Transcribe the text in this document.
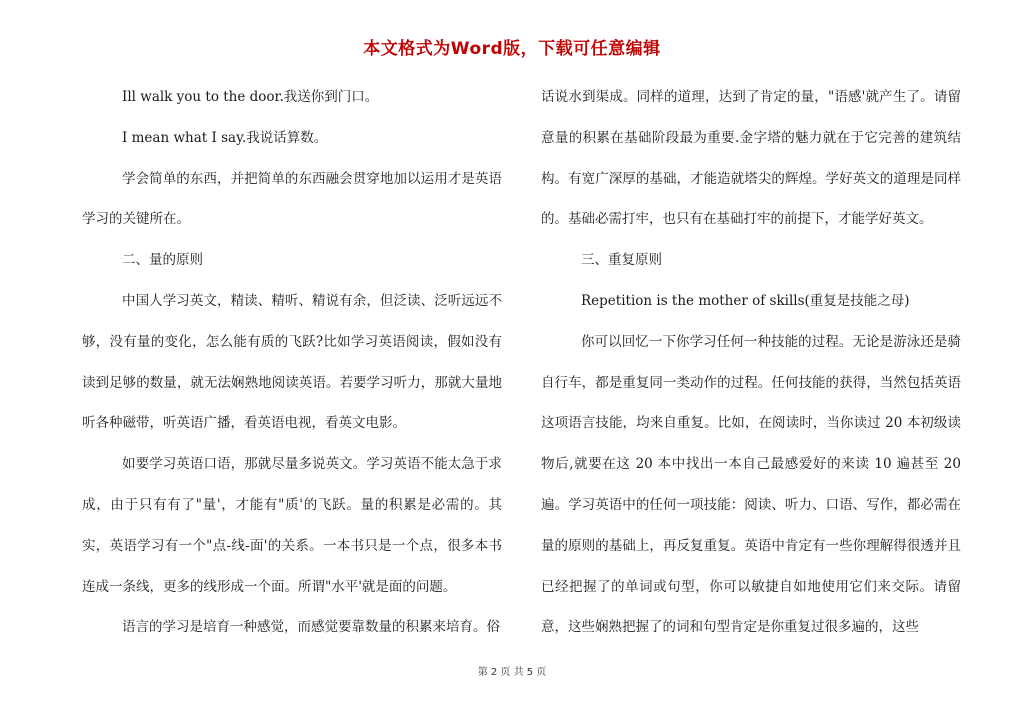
本文格式为Word版，下载可任意编辑

Ill walk you to the door.我送你到门口。

I mean what I say.我说话算数。

学会简单的东西，并把简单的东西融会贯穿地加以运用才是英语学习的关键所在。

二、量的原则

中国人学习英文，精读、精听、精说有余，但泛读、泛听远远不够，没有量的变化，怎么能有质的飞跃?比如学习英语阅读，假如没有读到足够的数量，就无法娴熟地阅读英语。若要学习听力，那就大量地听各种磁带，听英语广播，看英语电视，看英文电影。

如要学习英语口语，那就尽量多说英文。学习英语不能太急于求成，由于只有有了"量'，才能有"质'的飞跃。量的积累是必需的。其实，英语学习有一个"点-线-面'的关系。一本书只是一个点，很多本书连成一条线，更多的线形成一个面。所谓"水平'就是面的问题。

语言的学习是培育一种感觉，而感觉要靠数量的积累来培育。俗

话说水到渠成。同样的道理，达到了肯定的量，"语感'就产生了。请留意量的积累在基础阶段最为重要.金字塔的魅力就在于它完善的建筑结构。有宽广深厚的基础，才能造就塔尖的辉煌。学好英文的道理是同样的。基础必需打牢，也只有在基础打牢的前提下，才能学好英文。

三、重复原则

Repetition is the mother of skills(重复是技能之母)

你可以回忆一下你学习任何一种技能的过程。无论是游泳还是骑自行车，都是重复同一类动作的过程。任何技能的获得，当然包括英语这项语言技能，均来自重复。比如，在阅读时，当你读过 20 本初级读物后,就要在这 20 本中找出一本自己最感爱好的来读 10 遍甚至 20 遍。学习英语中的任何一项技能：阅读、听力、口语、写作，都必需在量的原则的基础上，再反复重复。英语中肯定有一些你理解得很透并且已经把握了的单词或句型，你可以敏捷自如地使用它们来交际。请留意，这些娴熟把握了的词和句型肯定是你重复过很多遍的，这些

第 2 页 共 5 页
